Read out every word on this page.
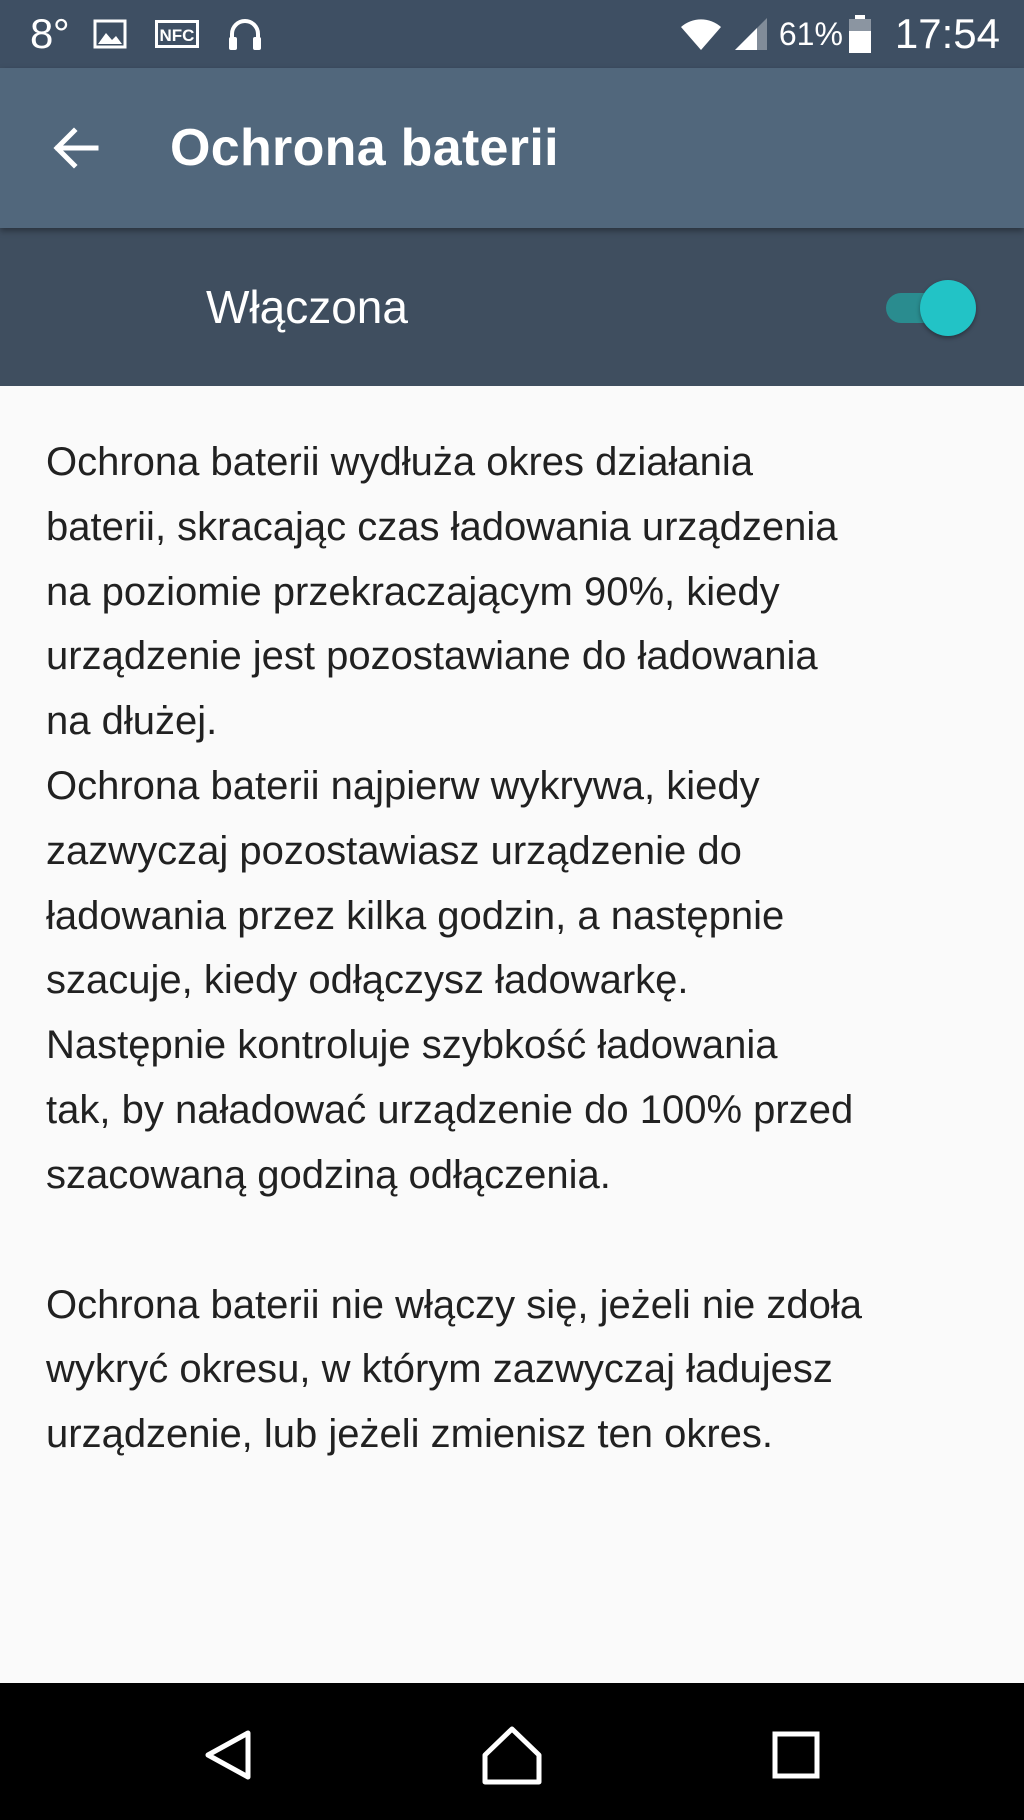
8°	NFC	61% 17:54
Ochrona baterii
Włączona

Ochrona baterii wydłuża okres działania
baterii, skracając czas ładowania urządzenia
na poziomie przekraczającym 90%, kiedy
urządzenie jest pozostawiane do ładowania
na dłużej.
Ochrona baterii najpierw wykrywa, kiedy
zazwyczaj pozostawiasz urządzenie do
ładowania przez kilka godzin, a następnie
szacuje, kiedy odłączysz ładowarkę.
Następnie kontroluje szybkość ładowania
tak, by naładować urządzenie do 100% przed
szacowaną godziną odłączenia.

Ochrona baterii nie włączy się, jeżeli nie zdoła
wykryć okresu, w którym zazwyczaj ładujesz
urządzenie, lub jeżeli zmienisz ten okres.
